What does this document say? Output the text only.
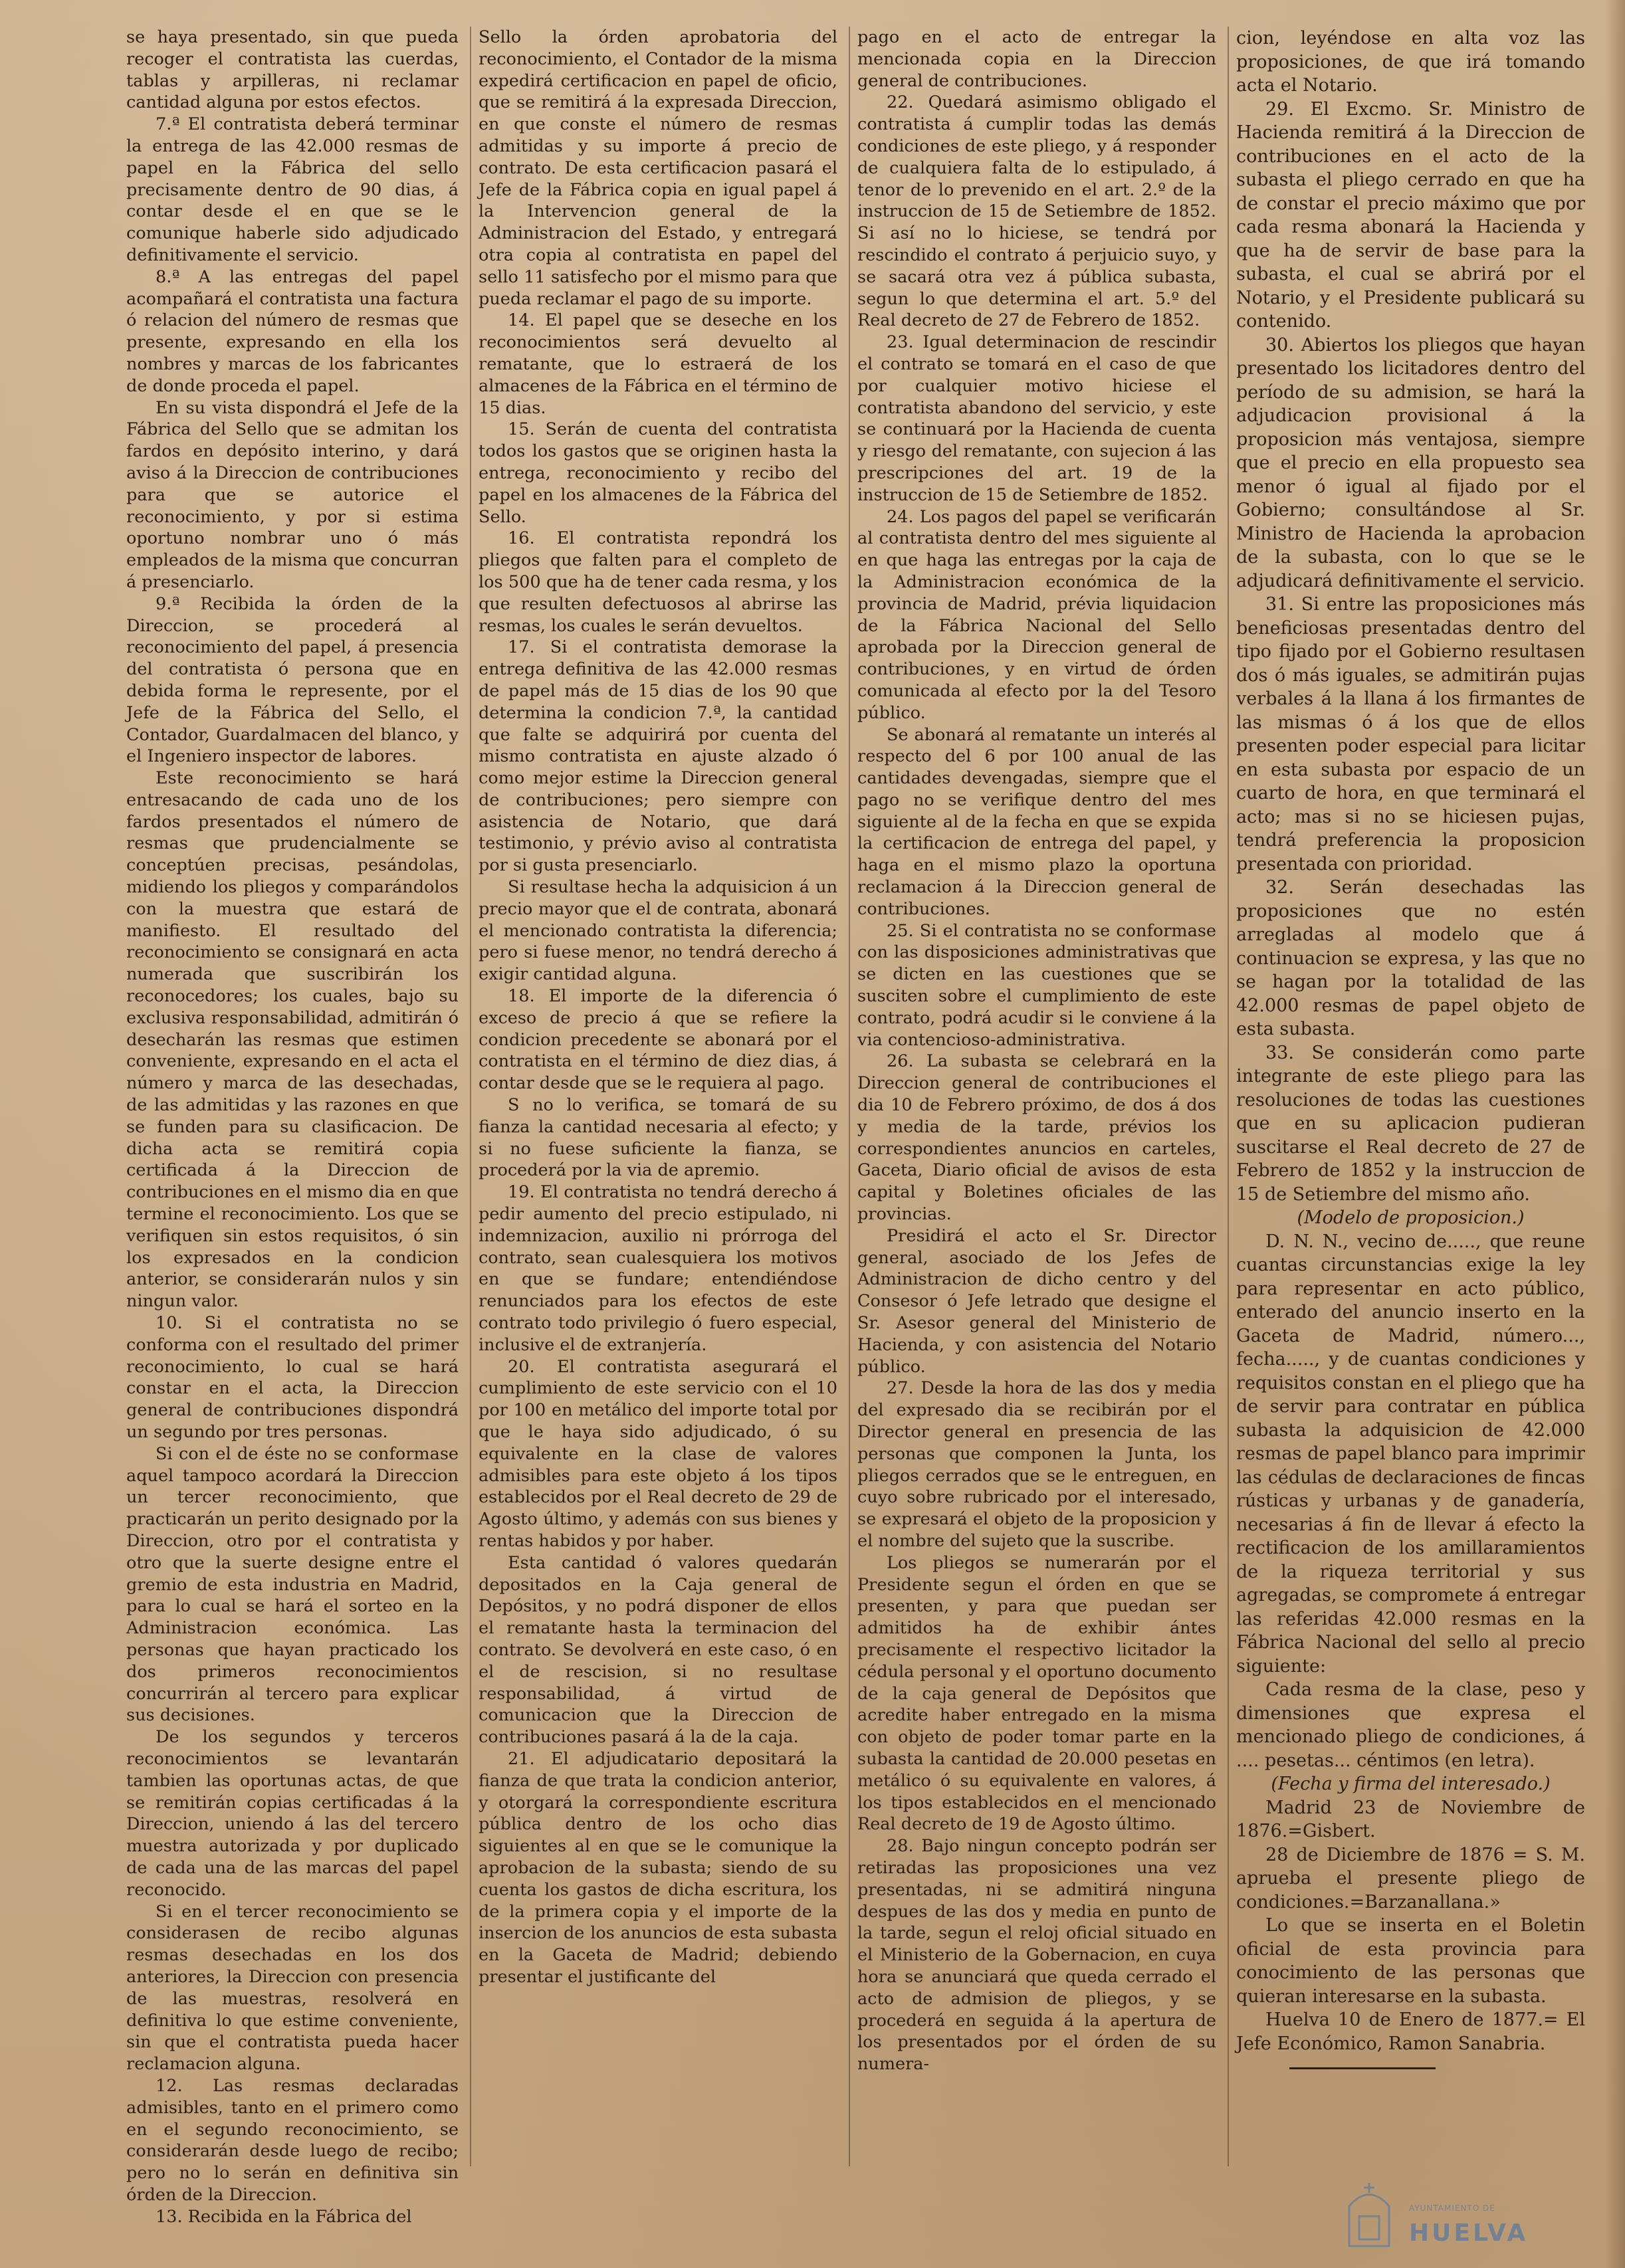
se haya presentado, sin que pueda recoger el contratista las cuerdas, tablas y arpilleras, ni reclamar cantidad alguna por estos efectos.

7.ª El contratista deberá terminar la entrega de las 42.000 resmas de papel en la Fábrica del sello precisamente dentro de 90 dias, á contar desde el en que se le comunique haberle sido adjudicado definitivamente el servicio.

8.ª A las entregas del papel acompañará el contratista una factura ó relacion del número de resmas que presente, expresando en ella los nombres y marcas de los fabricantes de donde proceda el papel.

En su vista dispondrá el Jefe de la Fábrica del Sello que se admitan los fardos en depósito interino, y dará aviso á la Direccion de contribuciones para que se autorice el reconocimiento, y por si estima oportuno nombrar uno ó más empleados de la misma que concurran á presenciarlo.

9.ª Recibida la órden de la Direccion, se procederá al reconocimiento del papel, á presencia del contratista ó persona que en debida forma le represente, por el Jefe de la Fábrica del Sello, el Contador, Guardalmacen del blanco, y el Ingeniero inspector de labores.

Este reconocimiento se hará entresacando de cada uno de los fardos presentados el número de resmas que prudencialmente se conceptúen precisas, pesándolas, midiendo los pliegos y comparándolos con la muestra que estará de manifiesto. El resultado del reconocimiento se consignará en acta numerada que suscribirán los reconocedores; los cuales, bajo su exclusiva responsabilidad, admitirán ó desecharán las resmas que estimen conveniente, expresando en el acta el número y marca de las desechadas, de las admitidas y las razones en que se funden para su clasificacion. De dicha acta se remitirá copia certificada á la Direccion de contribuciones en el mismo dia en que termine el reconocimiento. Los que se verifiquen sin estos requisitos, ó sin los expresados en la condicion anterior, se considerarán nulos y sin ningun valor.

10. Si el contratista no se conforma con el resultado del primer reconocimiento, lo cual se hará constar en el acta, la Direccion general de contribuciones dispondrá un segundo por tres personas.

Si con el de éste no se conformase aquel tampoco acordará la Direccion un tercer reconocimiento, que practicarán un perito designado por la Direccion, otro por el contratista y otro que la suerte designe entre el gremio de esta industria en Madrid, para lo cual se hará el sorteo en la Administracion económica. Las personas que hayan practicado los dos primeros reconocimientos concurrirán al tercero para explicar sus decisiones.

De los segundos y terceros reconocimientos se levantarán tambien las oportunas actas, de que se remitirán copias certificadas á la Direccion, uniendo á las del tercero muestra autorizada y por duplicado de cada una de las marcas del papel reconocido.

Si en el tercer reconocimiento se considerasen de recibo algunas resmas desechadas en los dos anteriores, la Direccion con presencia de las muestras, resolverá en definitiva lo que estime conveniente, sin que el contratista pueda hacer reclamacion alguna.

12. Las resmas declaradas admisibles, tanto en el primero como en el segundo reconocimiento, se considerarán desde luego de recibo; pero no lo serán en definitiva sin órden de la Direccion.

13. Recibida en la Fábrica del

Sello la órden aprobatoria del reconocimiento, el Contador de la misma expedirá certificacion en papel de oficio, que se remitirá á la expresada Direccion, en que conste el número de resmas admitidas y su importe á precio de contrato. De esta certificacion pasará el Jefe de la Fábrica copia en igual papel á la Intervencion general de la Administracion del Estado, y entregará otra copia al contratista en papel del sello 11 satisfecho por el mismo para que pueda reclamar el pago de su importe.

14. El papel que se deseche en los reconocimientos será devuelto al rematante, que lo estraerá de los almacenes de la Fábrica en el término de 15 dias.

15. Serán de cuenta del contratista todos los gastos que se originen hasta la entrega, reconocimiento y recibo del papel en los almacenes de la Fábrica del Sello.

16. El contratista repondrá los pliegos que falten para el completo de los 500 que ha de tener cada resma, y los que resulten defectuosos al abrirse las resmas, los cuales le serán devueltos.

17. Si el contratista demorase la entrega definitiva de las 42.000 resmas de papel más de 15 dias de los 90 que determina la condicion 7.ª, la cantidad que falte se adquirirá por cuenta del mismo contratista en ajuste alzado ó como mejor estime la Direccion general de contribuciones; pero siempre con asistencia de Notario, que dará testimonio, y prévio aviso al contratista por si gusta presenciarlo.

Si resultase hecha la adquisicion á un precio mayor que el de contrata, abonará el mencionado contratista la diferencia; pero si fuese menor, no tendrá derecho á exigir cantidad alguna.

18. El importe de la diferencia ó exceso de precio á que se refiere la condicion precedente se abonará por el contratista en el término de diez dias, á contar desde que se le requiera al pago.

S no lo verifica, se tomará de su fianza la cantidad necesaria al efecto; y si no fuese suficiente la fianza, se procederá por la via de apremio.

19. El contratista no tendrá derecho á pedir aumento del precio estipulado, ni indemnizacion, auxilio ni prórroga del contrato, sean cualesquiera los motivos en que se fundare; entendiéndose renunciados para los efectos de este contrato todo privilegio ó fuero especial, inclusive el de extranjería.

20. El contratista asegurará el cumplimiento de este servicio con el 10 por 100 en metálico del importe total por que le haya sido adjudicado, ó su equivalente en la clase de valores admisibles para este objeto á los tipos establecidos por el Real decreto de 29 de Agosto último, y además con sus bienes y rentas habidos y por haber.

Esta cantidad ó valores quedarán depositados en la Caja general de Depósitos, y no podrá disponer de ellos el rematante hasta la terminacion del contrato. Se devolverá en este caso, ó en el de rescision, si no resultase responsabilidad, á virtud de comunicacion que la Direccion de contribuciones pasará á la de la caja.

21. El adjudicatario depositará la fianza de que trata la condicion anterior, y otorgará la correspondiente escritura pública dentro de los ocho dias siguientes al en que se le comunique la aprobacion de la subasta; siendo de su cuenta los gastos de dicha escritura, los de la primera copia y el importe de la insercion de los anuncios de esta subasta en la Gaceta de Madrid; debiendo presentar el justificante del

pago en el acto de entregar la mencionada copia en la Direccion general de contribuciones.

22. Quedará asimismo obligado el contratista á cumplir todas las demás condiciones de este pliego, y á responder de cualquiera falta de lo estipulado, á tenor de lo prevenido en el art. 2.º de la instruccion de 15 de Setiembre de 1852. Si así no lo hiciese, se tendrá por rescindido el contrato á perjuicio suyo, y se sacará otra vez á pública subasta, segun lo que determina el art. 5.º del Real decreto de 27 de Febrero de 1852.

23. Igual determinacion de rescindir el contrato se tomará en el caso de que por cualquier motivo hiciese el contratista abandono del servicio, y este se continuará por la Hacienda de cuenta y riesgo del rematante, con sujecion á las prescripciones del art. 19 de la instruccion de 15 de Setiembre de 1852.

24. Los pagos del papel se verificarán al contratista dentro del mes siguiente al en que haga las entregas por la caja de la Administracion económica de la provincia de Madrid, prévia liquidacion de la Fábrica Nacional del Sello aprobada por la Direccion general de contribuciones, y en virtud de órden comunicada al efecto por la del Tesoro público.

Se abonará al rematante un interés al respecto del 6 por 100 anual de las cantidades devengadas, siempre que el pago no se verifique dentro del mes siguiente al de la fecha en que se expida la certificacion de entrega del papel, y haga en el mismo plazo la oportuna reclamacion á la Direccion general de contribuciones.

25. Si el contratista no se conformase con las disposiciones administrativas que se dicten en las cuestiones que se susciten sobre el cumplimiento de este contrato, podrá acudir si le conviene á la via contencioso-administrativa.

26. La subasta se celebrará en la Direccion general de contribuciones el dia 10 de Febrero próximo, de dos á dos y media de la tarde, prévios los correspondientes anuncios en carteles, Gaceta, Diario oficial de avisos de esta capital y Boletines oficiales de las provincias.

Presidirá el acto el Sr. Director general, asociado de los Jefes de Administracion de dicho centro y del Consesor ó Jefe letrado que designe el Sr. Asesor general del Ministerio de Hacienda, y con asistencia del Notario público.

27. Desde la hora de las dos y media del expresado dia se recibirán por el Director general en presencia de las personas que componen la Junta, los pliegos cerrados que se le entreguen, en cuyo sobre rubricado por el interesado, se expresará el objeto de la proposicion y el nombre del sujeto que la suscribe.

Los pliegos se numerarán por el Presidente segun el órden en que se presenten, y para que puedan ser admitidos ha de exhibir ántes precisamente el respectivo licitador la cédula personal y el oportuno documento de la caja general de Depósitos que acredite haber entregado en la misma con objeto de poder tomar parte en la subasta la cantidad de 20.000 pesetas en metálico ó su equivalente en valores, á los tipos establecidos en el mencionado Real decreto de 19 de Agosto último.

28. Bajo ningun concepto podrán ser retiradas las proposiciones una vez presentadas, ni se admitirá ninguna despues de las dos y media en punto de la tarde, segun el reloj oficial situado en el Ministerio de la Gobernacion, en cuya hora se anunciará que queda cerrado el acto de admision de pliegos, y se procederá en seguida á la apertura de los presentados por el órden de su numera-

cion, leyéndose en alta voz las proposiciones, de que irá tomando acta el Notario.

29. El Excmo. Sr. Ministro de Hacienda remitirá á la Direccion de contribuciones en el acto de la subasta el pliego cerrado en que ha de constar el precio máximo que por cada resma abonará la Hacienda y que ha de servir de base para la subasta, el cual se abrirá por el Notario, y el Presidente publicará su contenido.

30. Abiertos los pliegos que hayan presentado los licitadores dentro del período de su admision, se hará la adjudicacion provisional á la proposicion más ventajosa, siempre que el precio en ella propuesto sea menor ó igual al fijado por el Gobierno; consultándose al Sr. Ministro de Hacienda la aprobacion de la subasta, con lo que se le adjudicará definitivamente el servicio.

31. Si entre las proposiciones más beneficiosas presentadas dentro del tipo fijado por el Gobierno resultasen dos ó más iguales, se admitirán pujas verbales á la llana á los firmantes de las mismas ó á los que de ellos presenten poder especial para licitar en esta subasta por espacio de un cuarto de hora, en que terminará el acto; mas si no se hiciesen pujas, tendrá preferencia la proposicion presentada con prioridad.

32. Serán desechadas las proposiciones que no estén arregladas al modelo que á continuacion se expresa, y las que no se hagan por la totalidad de las 42.000 resmas de papel objeto de esta subasta.

33. Se considerán como parte integrante de este pliego para las resoluciones de todas las cuestiones que en su aplicacion pudieran suscitarse el Real decreto de 27 de Febrero de 1852 y la instruccion de 15 de Setiembre del mismo año.

(Modelo de proposicion.)

D. N. N., vecino de....., que reune cuantas circunstancias exige la ley para representar en acto público, enterado del anuncio inserto en la Gaceta de Madrid, número..., fecha....., y de cuantas condiciones y requisitos constan en el pliego que ha de servir para contratar en pública subasta la adquisicion de 42.000 resmas de papel blanco para imprimir las cédulas de declaraciones de fincas rústicas y urbanas y de ganadería, necesarias á fin de llevar á efecto la rectificacion de los amillaramientos de la riqueza territorial y sus agregadas, se compromete á entregar las referidas 42.000 resmas en la Fábrica Nacional del sello al precio siguiente:

Cada resma de la clase, peso y dimensiones que expresa el mencionado pliego de condiciones, á .... pesetas... céntimos (en letra).

(Fecha y firma del interesado.)

Madrid 23 de Noviembre de 1876.=Gisbert.

28 de Diciembre de 1876 = S. M. aprueba el presente pliego de condiciones.=Barzanallana.»

Lo que se inserta en el Boletin oficial de esta provincia para conocimiento de las personas que quieran interesarse en la subasta.

Huelva 10 de Enero de 1877.= El Jefe Económico, Ramon Sanabria.

AYUNTAMIENTO DE
HUELVA
